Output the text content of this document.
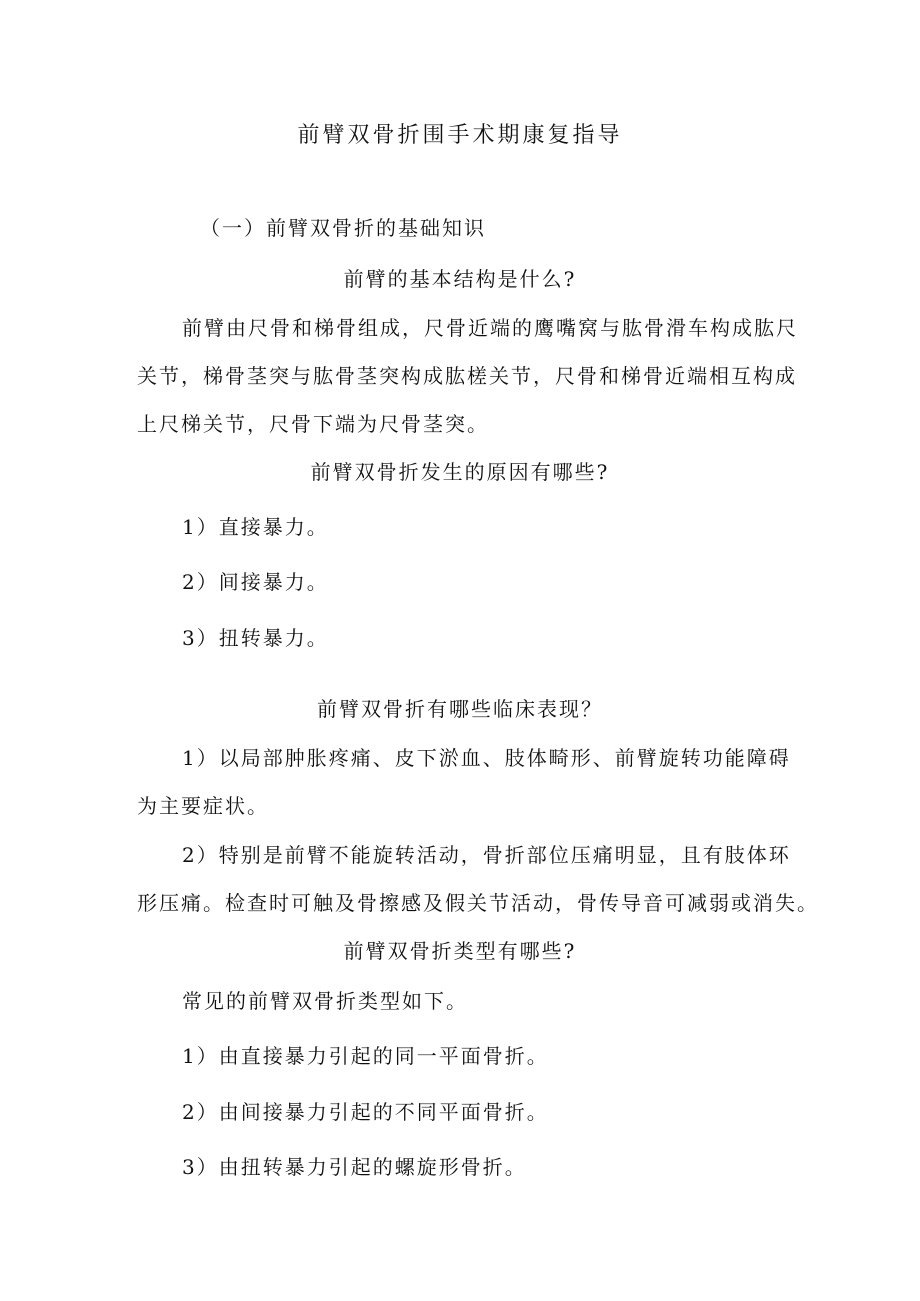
前臂双骨折围手术期康复指导
（一）前臂双骨折的基础知识
前臂的基本结构是什么?
前臂由尺骨和梯骨组成，尺骨近端的鹰嘴窝与肱骨滑车构成肱尺
关节，梯骨茎突与肱骨茎突构成肱槎关节，尺骨和梯骨近端相互构成
上尺梯关节，尺骨下端为尺骨茎突。
前臂双骨折发生的原因有哪些?
1）直接暴力。
2）间接暴力。
3）扭转暴力。
前臂双骨折有哪些临床表现？
1）以局部肿胀疼痛、皮下淤血、肢体畸形、前臂旋转功能障碍
为主要症状。
2）特别是前臂不能旋转活动，骨折部位压痛明显，且有肢体环
形压痛。检查时可触及骨擦感及假关节活动，骨传导音可减弱或消失。
前臂双骨折类型有哪些?
常见的前臂双骨折类型如下。
1）由直接暴力引起的同一平面骨折。
2）由间接暴力引起的不同平面骨折。
3）由扭转暴力引起的螺旋形骨折。
